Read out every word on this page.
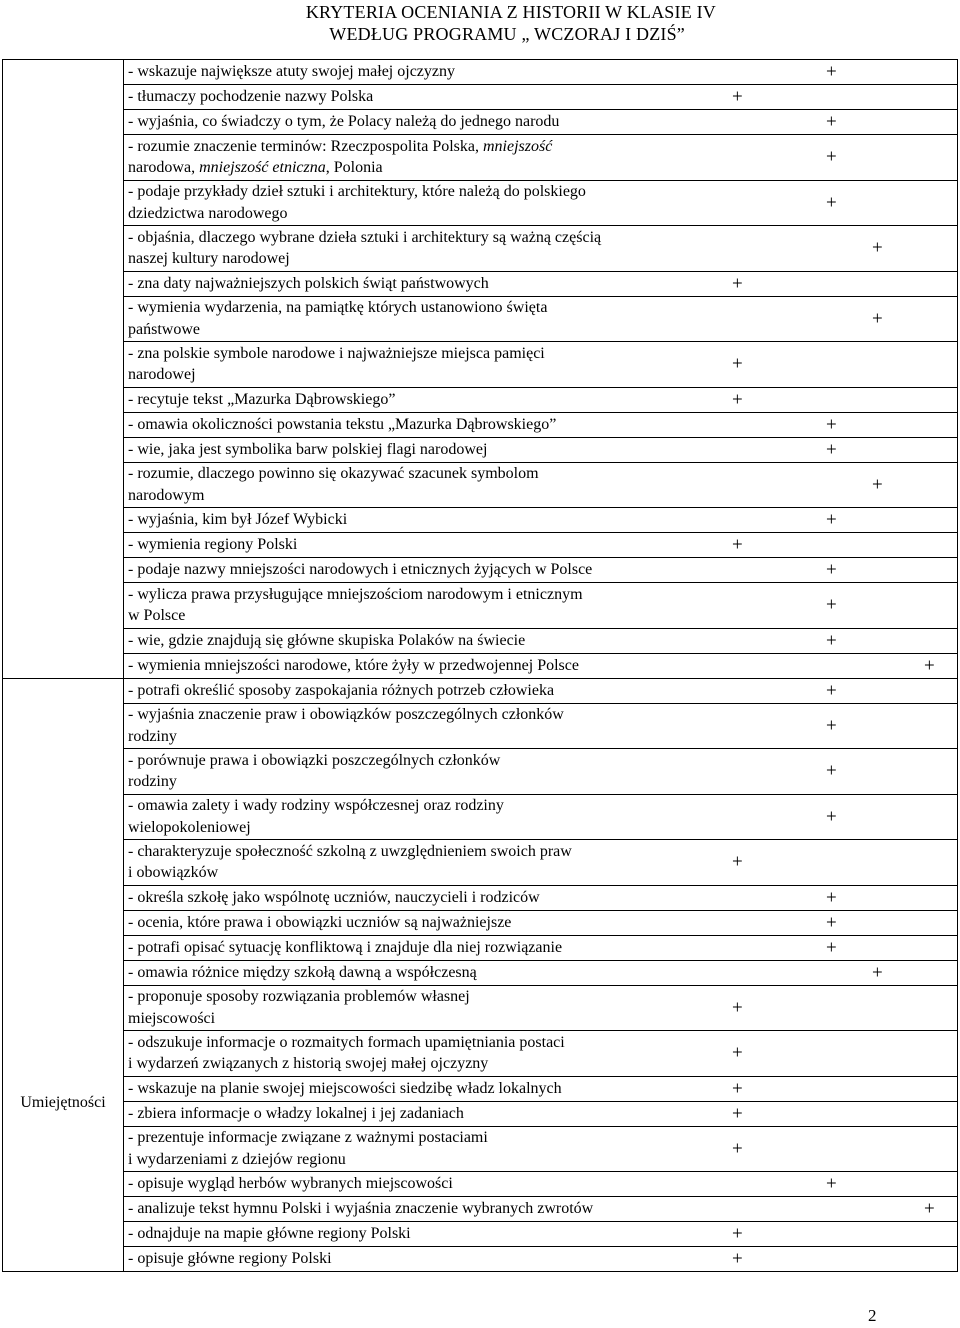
KRYTERIA OCENIANIA Z HISTORII W KLASIE IV
WEDŁUG PROGRAMU „ WCZORAJ I DZIŚ”

	- wskazuje największe atuty swojej małej ojczyzny +

	- tłumaczy pochodzenie nazwy Polska +

	- wyjaśnia, co świadczy o tym, że Polacy należą do jednego narodu +

	- rozumie znaczenie terminów: Rzeczpospolita Polska, mniejszość
narodowa, mniejszość etniczna, Polonia +

	- podaje przykłady dzieł sztuki i architektury, które należą do polskiego
dziedzictwa narodowego +

	- objaśnia, dlaczego wybrane dzieła sztuki i architektury są ważną częścią
naszej kultury narodowej +

	- zna daty najważniejszych polskich świąt państwowych +

	- wymienia wydarzenia, na pamiątkę których ustanowiono święta
państwowe +

	- zna polskie symbole narodowe i najważniejsze miejsca pamięci
narodowej +

	- recytuje tekst „Mazurka Dąbrowskiego” +

	- omawia okoliczności powstania tekstu „Mazurka Dąbrowskiego” +

	- wie, jaka jest symbolika barw polskiej flagi narodowej +

	- rozumie, dlaczego powinno się okazywać szacunek symbolom
narodowym +

	- wyjaśnia, kim był Józef Wybicki +

	- wymienia regiony Polski +

	- podaje nazwy mniejszości narodowych i etnicznych żyjących w Polsce +

	- wylicza prawa przysługujące mniejszościom narodowym i etnicznym
w Polsce +

	- wie, gdzie znajdują się główne skupiska Polaków na świecie +

	- wymienia mniejszości narodowe, które żyły w przedwojennej Polsce +

Umiejętności	- potrafi określić sposoby zaspokajania różnych potrzeb człowieka +

	- wyjaśnia znaczenie praw i obowiązków poszczególnych członków
rodziny +

	- porównuje prawa i obowiązki poszczególnych członków
rodziny +

	- omawia zalety i wady rodziny współczesnej oraz rodziny
wielopokoleniowej +

	- charakteryzuje społeczność szkolną z uwzględnieniem swoich praw
i obowiązków +

	- określa szkołę jako wspólnotę uczniów, nauczycieli i rodziców +

	- ocenia, które prawa i obowiązki uczniów są najważniejsze +

	- potrafi opisać sytuację konfliktową i znajduje dla niej rozwiązanie +

	- omawia różnice między szkołą dawną a współczesną +

	- proponuje sposoby rozwiązania problemów własnej
miejscowości +

	- odszukuje informacje o rozmaitych formach upamiętniania postaci
i wydarzeń związanych z historią swojej małej ojczyzny +

	- wskazuje na planie swojej miejscowości siedzibę władz lokalnych +

	- zbiera informacje o władzy lokalnej i jej zadaniach +

	- prezentuje informacje związane z ważnymi postaciami
i wydarzeniami z dziejów regionu +

	- opisuje wygląd herbów wybranych miejscowości +

	- analizuje tekst hymnu Polski i wyjaśnia znaczenie wybranych zwrotów +

	- odnajduje na mapie główne regiony Polski +

	- opisuje główne regiony Polski +
2
